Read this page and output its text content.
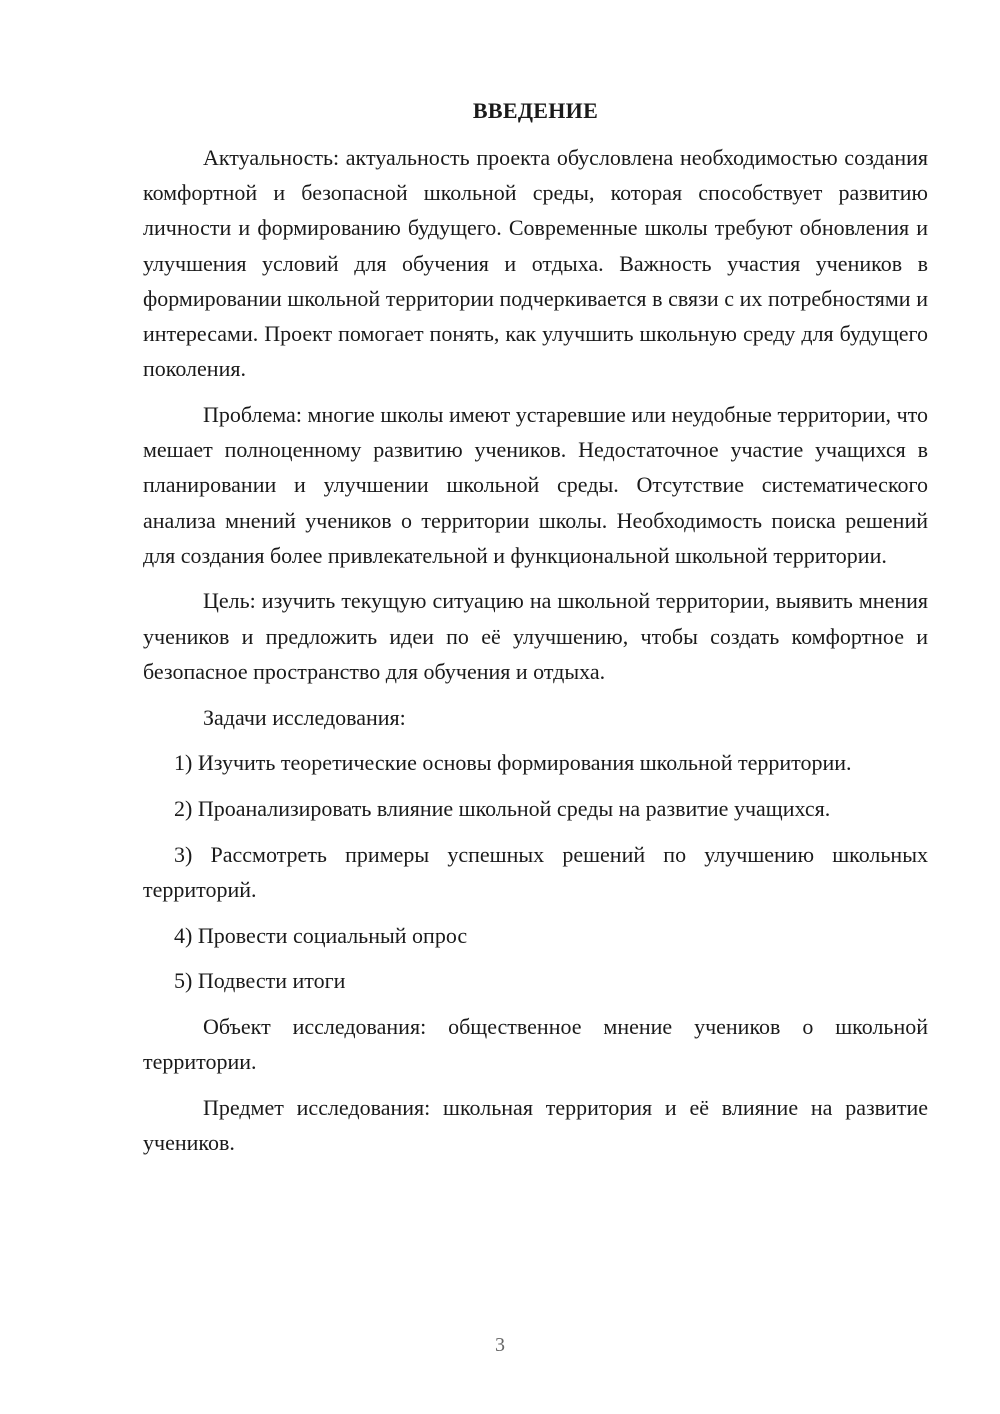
ВВЕДЕНИЕ

Актуальность: актуальность проекта обусловлена необходимостью создания комфортной и безопасной школьной среды, которая способствует развитию личности и формированию будущего. Современные школы требуют обновления и улучшения условий для обучения и отдыха. Важность участия учеников в формировании школьной территории подчеркивается в связи с их потребностями и интересами. Проект помогает понять, как улучшить школьную среду для будущего поколения.

Проблема: многие школы имеют устаревшие или неудобные территории, что мешает полноценному развитию учеников. Недостаточное участие учащихся в планировании и улучшении школьной среды. Отсутствие систематического анализа мнений учеников о территории школы. Необходимость поиска решений для создания более привлекательной и функциональной школьной территории.

Цель: изучить текущую ситуацию на школьной территории, выявить мнения учеников и предложить идеи по её улучшению, чтобы создать комфортное и безопасное пространство для обучения и отдыха.

Задачи исследования:

1) Изучить теоретические основы формирования школьной территории.

2) Проанализировать влияние школьной среды на развитие учащихся.

3) Рассмотреть примеры успешных решений по улучшению школьных территорий.

4) Провести социальный опрос

5) Подвести итоги

Объект исследования: общественное мнение учеников о школьной территории.

Предмет исследования: школьная территория и её влияние на развитие учеников.

3
